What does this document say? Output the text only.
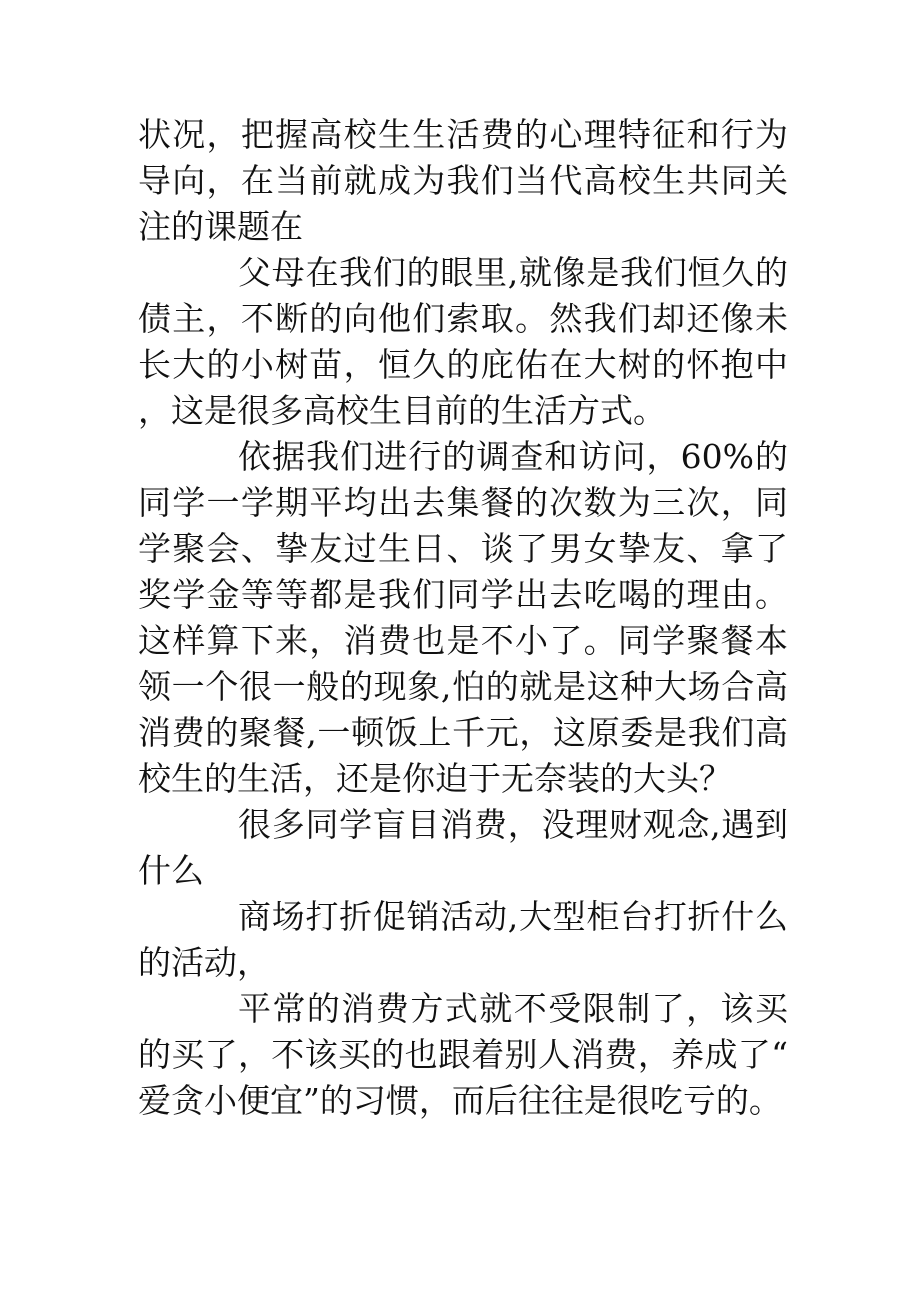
状况，把握高校生生活费的心理特征和行为导向，在当前就成为我们当代高校生共同关注的课题在

父母在我们的眼里,就像是我们恒久的债主，不断的向他们索取。然我们却还像未长大的小树苗，恒久的庇佑在大树的怀抱中，这是很多高校生目前的生活方式。

依据我们进行的调查和访问，60%的同学一学期平均出去集餐的次数为三次，同学聚会、挚友过生日、谈了男女挚友、拿了奖学金等等都是我们同学出去吃喝的理由。这样算下来，消费也是不小了。同学聚餐本领一个很一般的现象,怕的就是这种大场合高消费的聚餐,一顿饭上千元，这原委是我们高校生的生活，还是你迫于无奈装的大头？

很多同学盲目消费，没理财观念,遇到什么

商场打折促销活动,大型柜台打折什么的活动，

平常的消费方式就不受限制了，该买的买了，不该买的也跟着别人消费，养成了“爱贪小便宜”的习惯，而后往往是很吃亏的。
